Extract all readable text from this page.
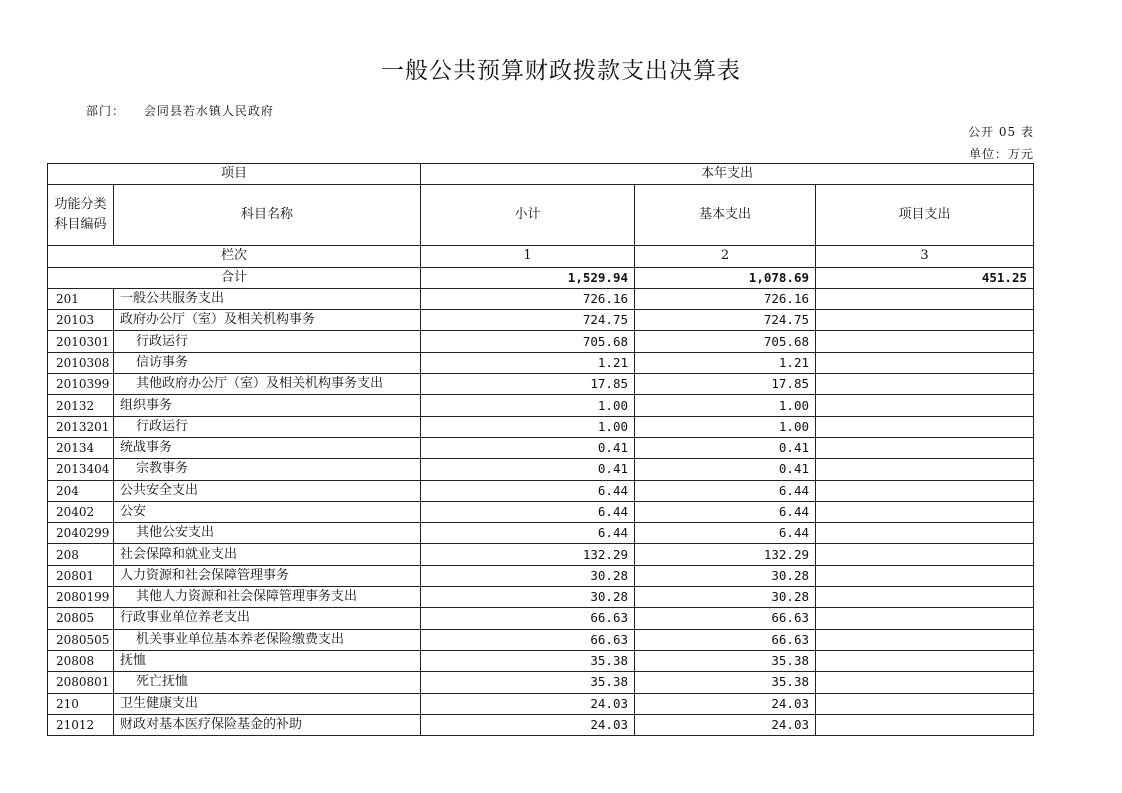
一般公共预算财政拨款支出决算表
部门： 会同县若水镇人民政府
公开 05 表
单位：万元
项目		本年支出		
功能分类科目编码	科目名称	小计	基本支出	项目支出
栏次		1	2	3
合计		1,529.94	1,078.69	451.25
201	一般公共服务支出	726.16	726.16	
20103	政府办公厅（室）及相关机构事务	724.75	724.75	
2010301	行政运行	705.68	705.68	
2010308	信访事务	1.21	1.21	
2010399	其他政府办公厅（室）及相关机构事务支出	17.85	17.85	
20132	组织事务	1.00	1.00	
2013201	行政运行	1.00	1.00	
20134	统战事务	0.41	0.41	
2013404	宗教事务	0.41	0.41	
204	公共安全支出	6.44	6.44	
20402	公安	6.44	6.44	
2040299	其他公安支出	6.44	6.44	
208	社会保障和就业支出	132.29	132.29	
20801	人力资源和社会保障管理事务	30.28	30.28	
2080199	其他人力资源和社会保障管理事务支出	30.28	30.28	
20805	行政事业单位养老支出	66.63	66.63	
2080505	机关事业单位基本养老保险缴费支出	66.63	66.63	
20808	抚恤	35.38	35.38	
2080801	死亡抚恤	35.38	35.38	
210	卫生健康支出	24.03	24.03	
21012	财政对基本医疗保险基金的补助	24.03	24.03	
